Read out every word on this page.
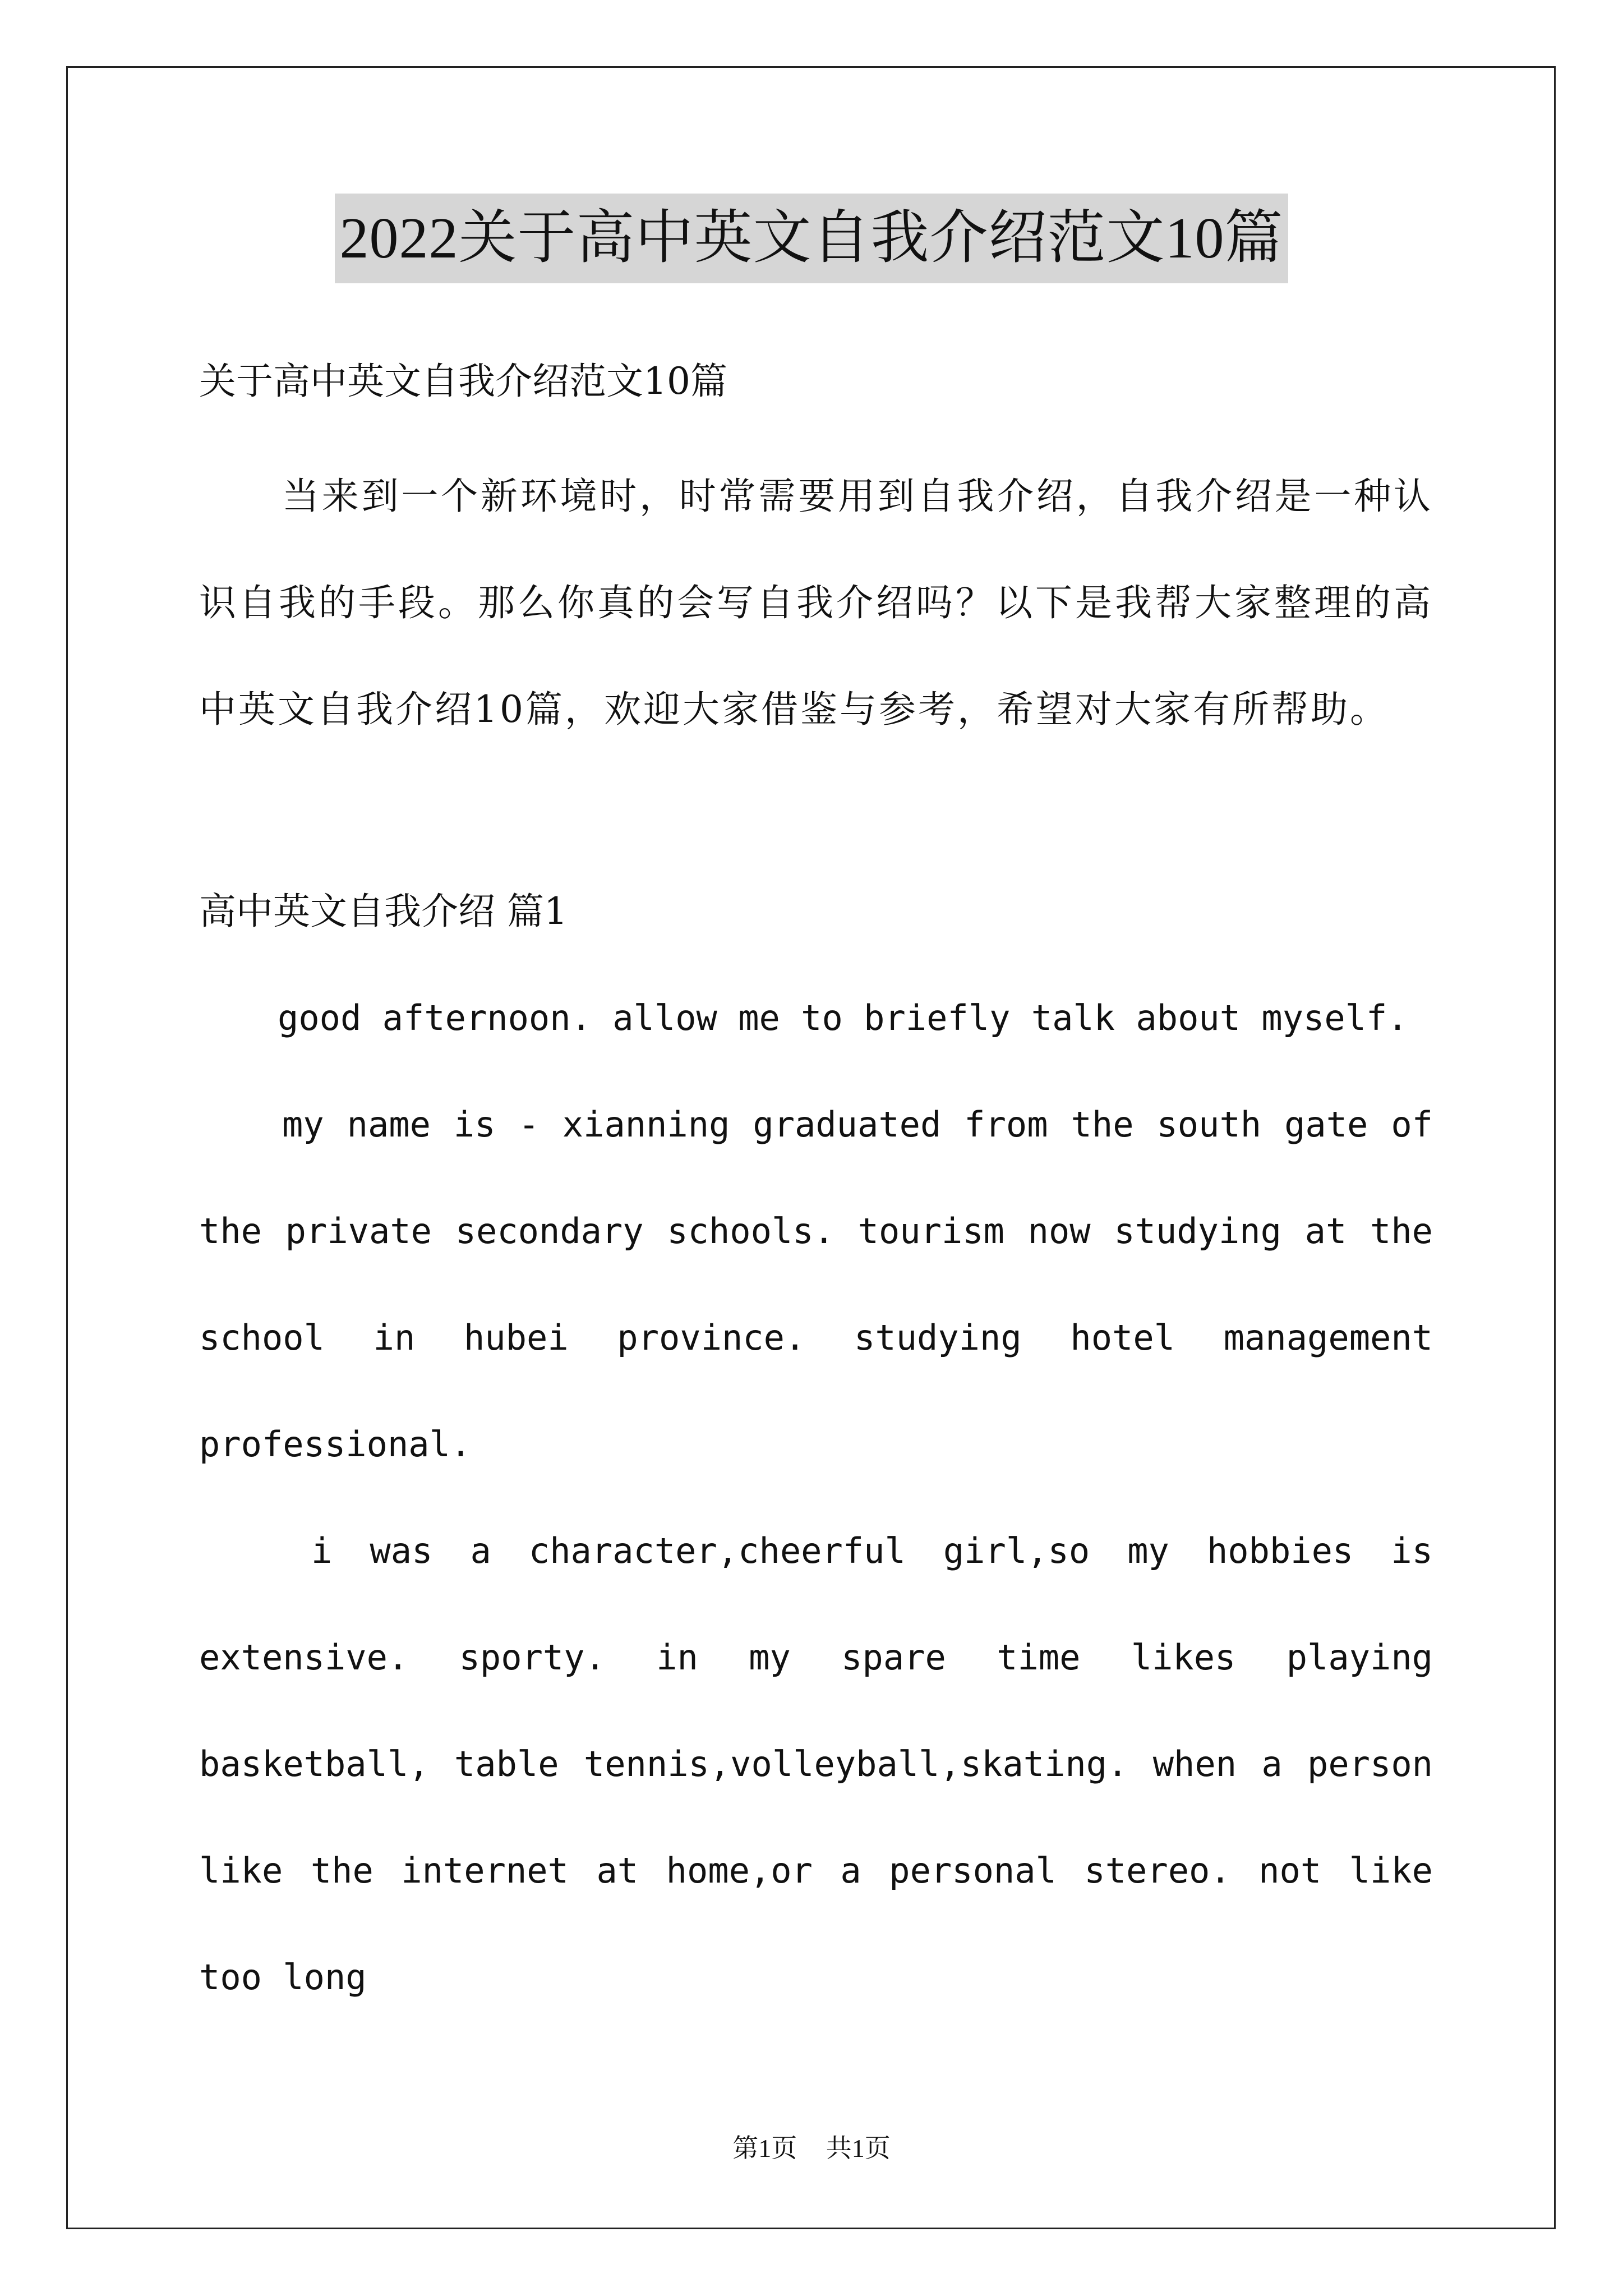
2022关于高中英文自我介绍范文10篇
关于高中英文自我介绍范文10篇
当来到一个新环境时，时常需要用到自我介绍，自我介绍是一种认识自我的手段。那么你真的会写自我介绍吗？以下是我帮大家整理的高中英文自我介绍10篇，欢迎大家借鉴与参考，希望对大家有所帮助。
高中英文自我介绍 篇1
good afternoon. allow me to briefly talk about myself.
my name is - xianning graduated from the south gate of the private secondary schools. tourism now studying at the school in hubei province. studying hotel management professional.
i was a character,cheerful girl,so my hobbies is extensive. sporty. in my spare time likes playing basketball, table tennis,volleyball,skating. when a person like the internet at home,or a personal stereo. not like too long
第1页 共1页
